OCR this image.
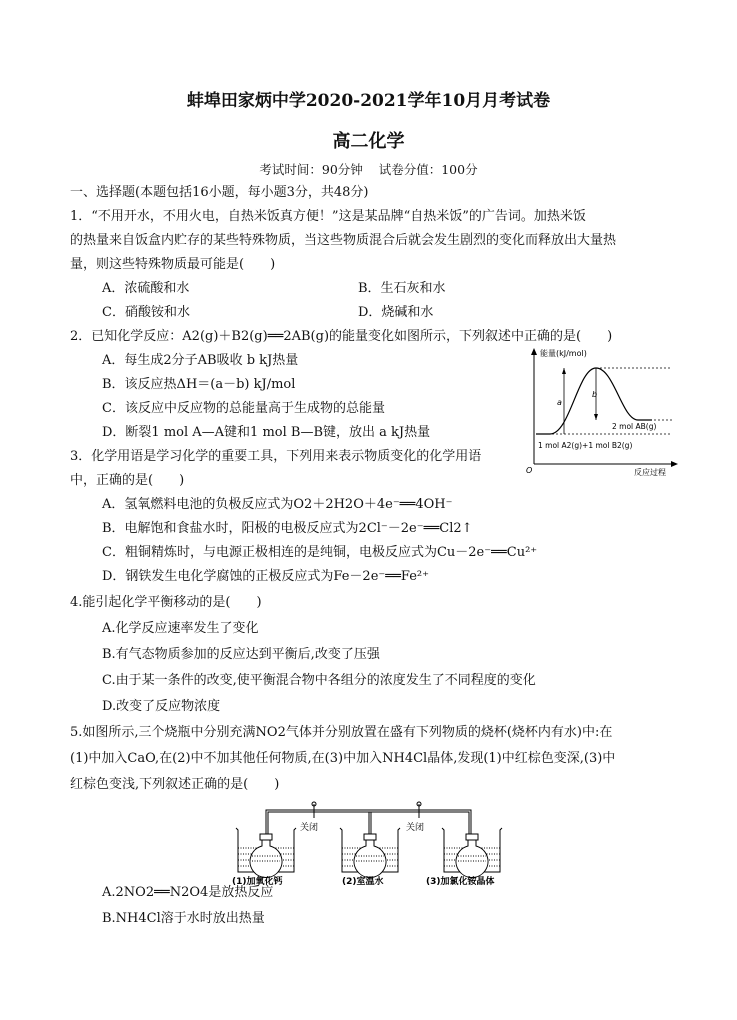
蚌埠田家炳中学2020-2021学年10月月考试卷
高二化学
考试时间：90分钟 试卷分值：100分
一、选择题(本题包括16小题，每小题3分，共48分)
1．“不用开水，不用火电，自热米饭真方便！”这是某品牌“自热米饭”的广告词。加热米饭
的热量来自饭盒内贮存的某些特殊物质，当这些物质混合后就会发生剧烈的变化而释放出大量热
量，则这些特殊物质最可能是(　　)
A．浓硫酸和水	B．生石灰和水
C．硝酸铵和水	D．烧碱和水
2．已知化学反应：A2(g)＋B2(g)══2AB(g)的能量变化如图所示，下列叙述中正确的是(　　)
A．每生成2分子AB吸收 b kJ热量
B．该反应热ΔH＝(a－b) kJ/mol
C．该反应中反应物的总能量高于生成物的总能量
D．断裂1 mol A—A键和1 mol B—B键，放出 a kJ热量
能量(kJ/mol)
反应过程
O
a
b
2 mol AB(g)
1 mol A2(g)+1 mol B2(g)
3．化学用语是学习化学的重要工具，下列用来表示物质变化的化学用语
中，正确的是(　　)
A．氢氧燃料电池的负极反应式为O2＋2H2O＋4e⁻══4OH⁻
B．电解饱和食盐水时，阳极的电极反应式为2Cl⁻－2e⁻══Cl2↑
C．粗铜精炼时，与电源正极相连的是纯铜，电极反应式为Cu－2e⁻══Cu²⁺
D．钢铁发生电化学腐蚀的正极反应式为Fe－2e⁻══Fe²⁺
4.能引起化学平衡移动的是(　　)
A.化学反应速率发生了变化
B.有气态物质参加的反应达到平衡后,改变了压强
C.由于某一条件的改变,使平衡混合物中各组分的浓度发生了不同程度的变化
D.改变了反应物浓度
5.如图所示,三个烧瓶中分别充满NO2气体并分别放置在盛有下列物质的烧杯(烧杯内有水)中:在
(1)中加入CaO,在(2)中不加其他任何物质,在(3)中加入NH4Cl晶体,发现(1)中红棕色变深,(3)中
红棕色变浅,下列叙述正确的是(　　)
关闭	关闭
(1)加氧化钙	(2)室温水	(3)加氯化铵晶体
A.2NO2══N2O4是放热反应
B.NH4Cl溶于水时放出热量
